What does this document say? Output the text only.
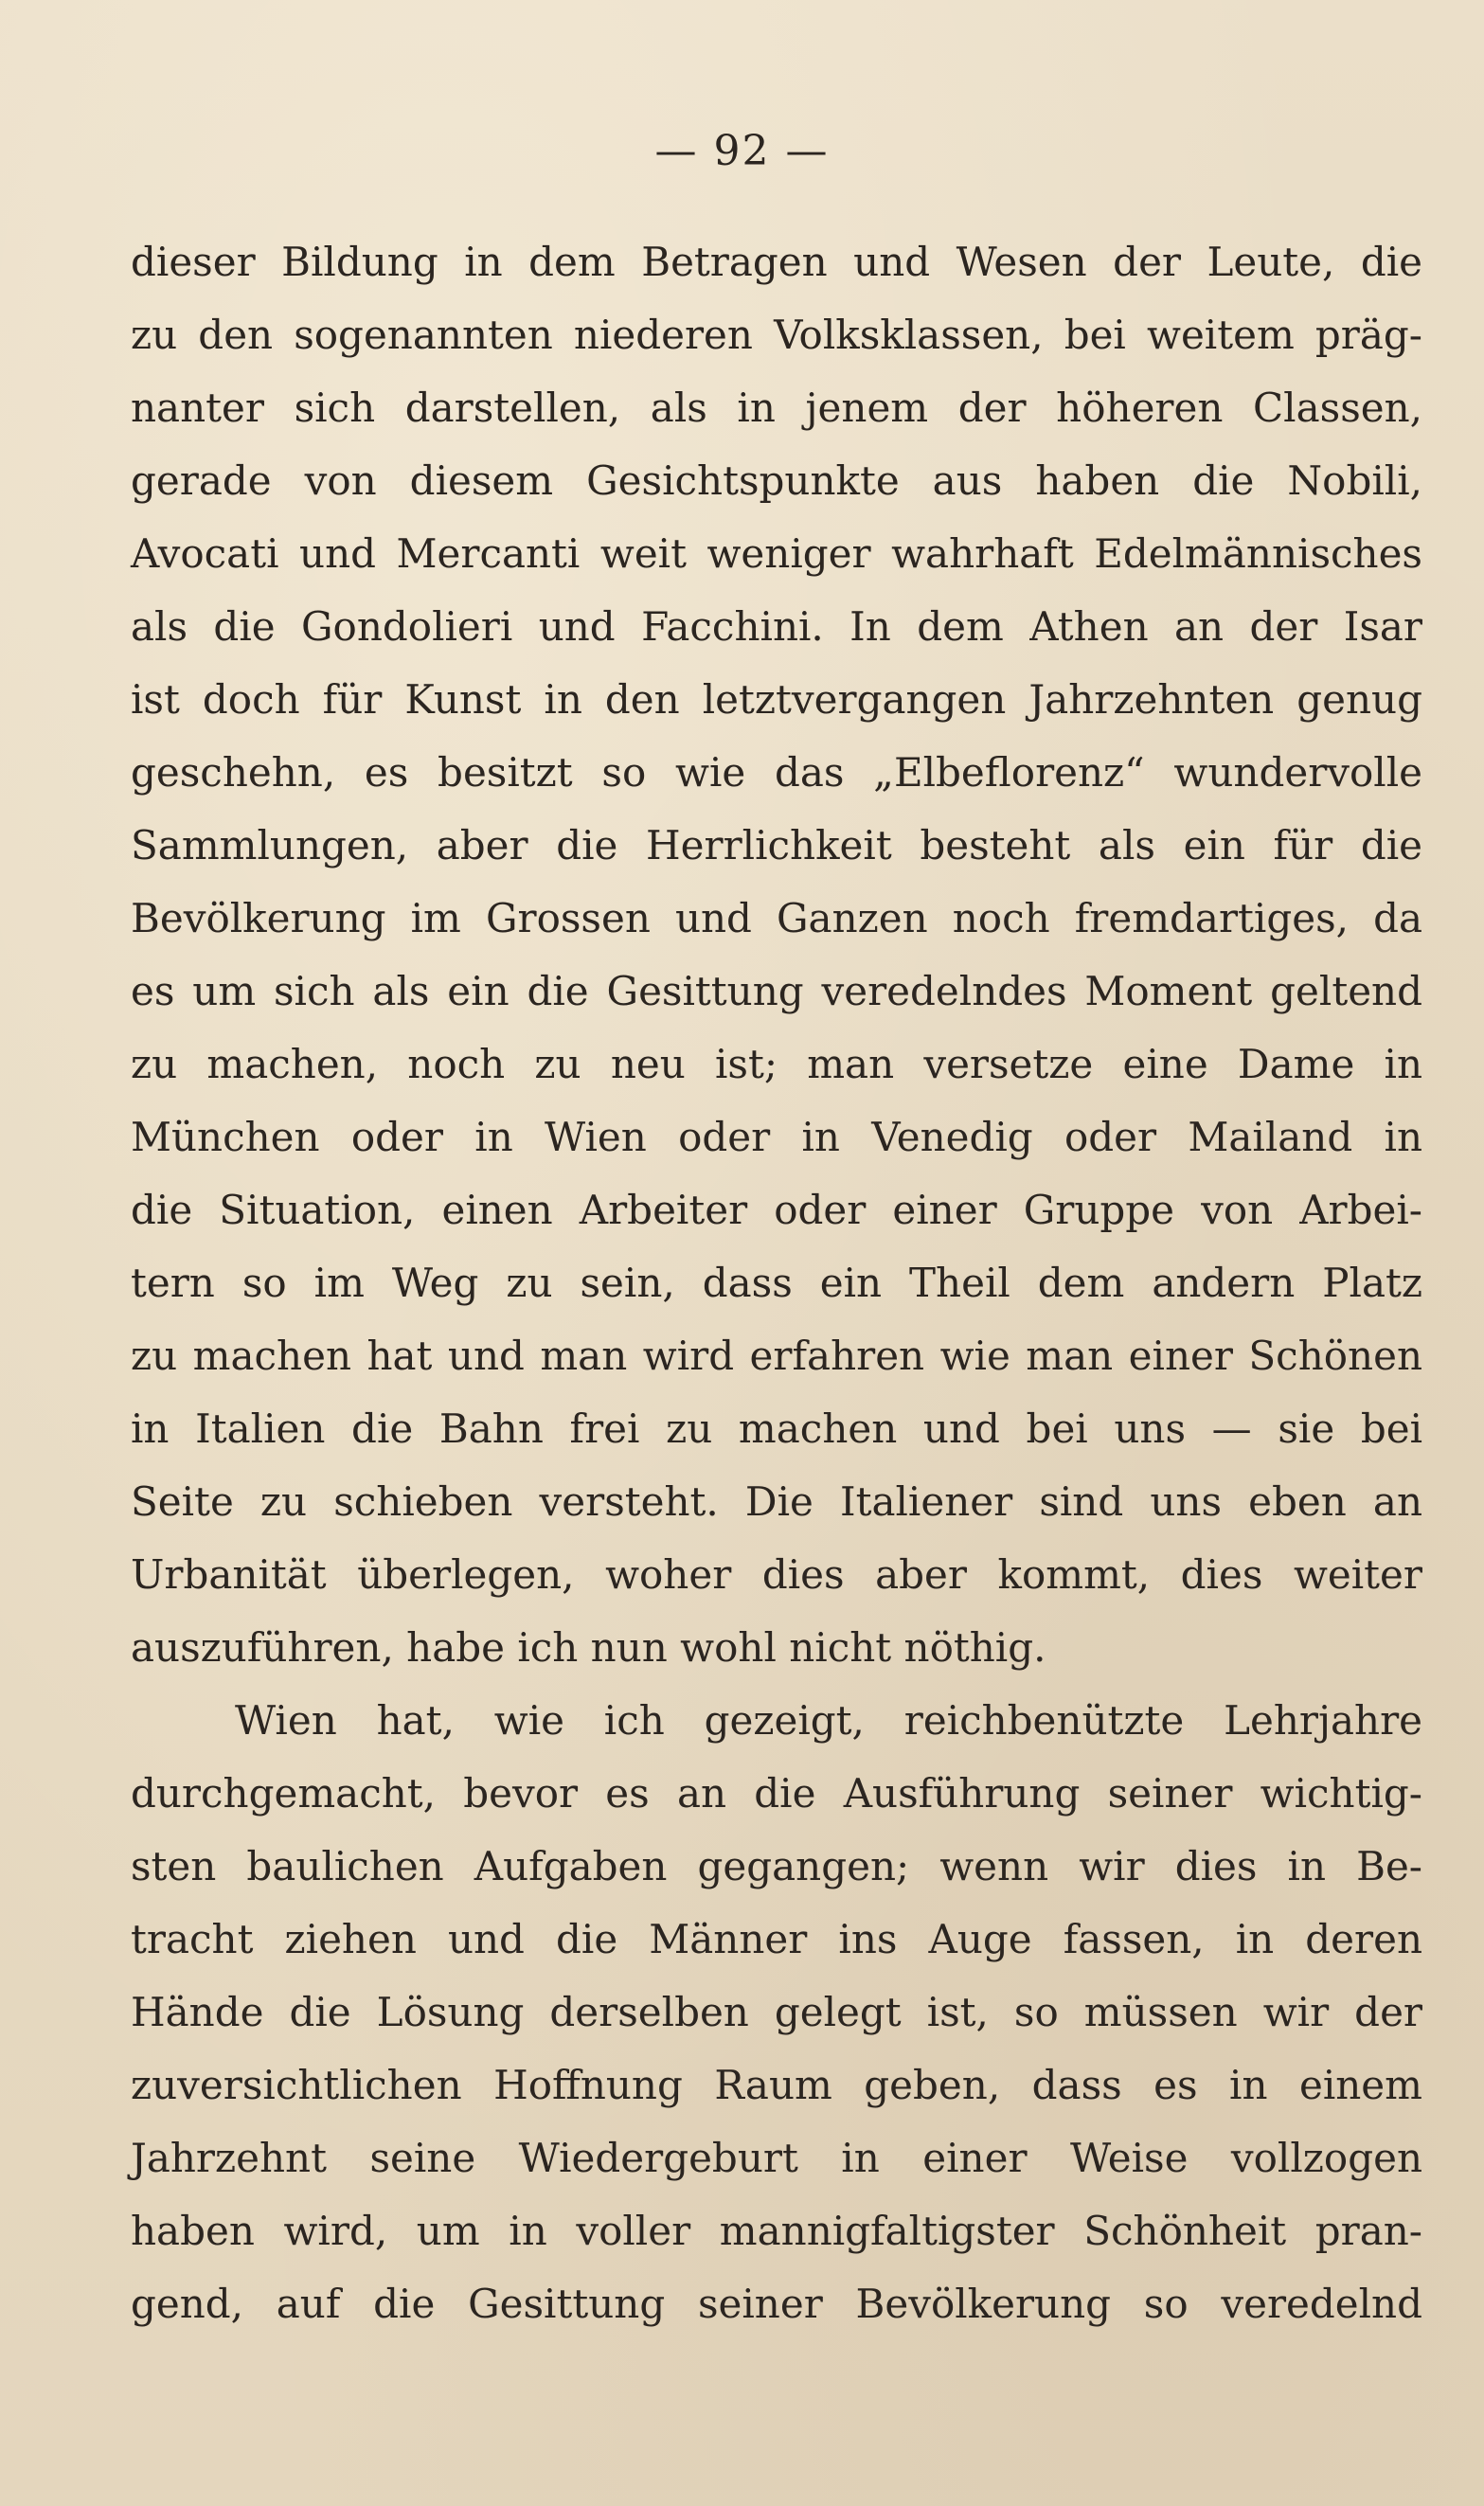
— 92 —
dieser Bildung in dem Betragen und Wesen der Leute, die
zu den sogenannten niederen Volksklassen, bei weitem präg-
nanter sich darstellen, als in jenem der höheren Classen,
gerade von diesem Gesichtspunkte aus haben die Nobili,
Avocati und Mercanti weit weniger wahrhaft Edelmännisches
als die Gondolieri und Facchini. In dem Athen an der Isar
ist doch für Kunst in den letztvergangen Jahrzehnten genug
geschehn, es besitzt so wie das „Elbeflorenz“ wundervolle
Sammlungen, aber die Herrlichkeit besteht als ein für die
Bevölkerung im Grossen und Ganzen noch fremdartiges, da
es um sich als ein die Gesittung veredelndes Moment geltend
zu machen, noch zu neu ist; man versetze eine Dame in
München oder in Wien oder in Venedig oder Mailand in
die Situation, einen Arbeiter oder einer Gruppe von Arbei-
tern so im Weg zu sein, dass ein Theil dem andern Platz
zu machen hat und man wird erfahren wie man einer Schönen
in Italien die Bahn frei zu machen und bei uns — sie bei
Seite zu schieben versteht. Die Italiener sind uns eben an
Urbanität überlegen, woher dies aber kommt, dies weiter
auszuführen, habe ich nun wohl nicht nöthig.
Wien hat, wie ich gezeigt, reichbenützte Lehrjahre
durchgemacht, bevor es an die Ausführung seiner wichtig-
sten baulichen Aufgaben gegangen; wenn wir dies in Be-
tracht ziehen und die Männer ins Auge fassen, in deren
Hände die Lösung derselben gelegt ist, so müssen wir der
zuversichtlichen Hoffnung Raum geben, dass es in einem
Jahrzehnt seine Wiedergeburt in einer Weise vollzogen
haben wird, um in voller mannigfaltigster Schönheit pran-
gend, auf die Gesittung seiner Bevölkerung so veredelnd
